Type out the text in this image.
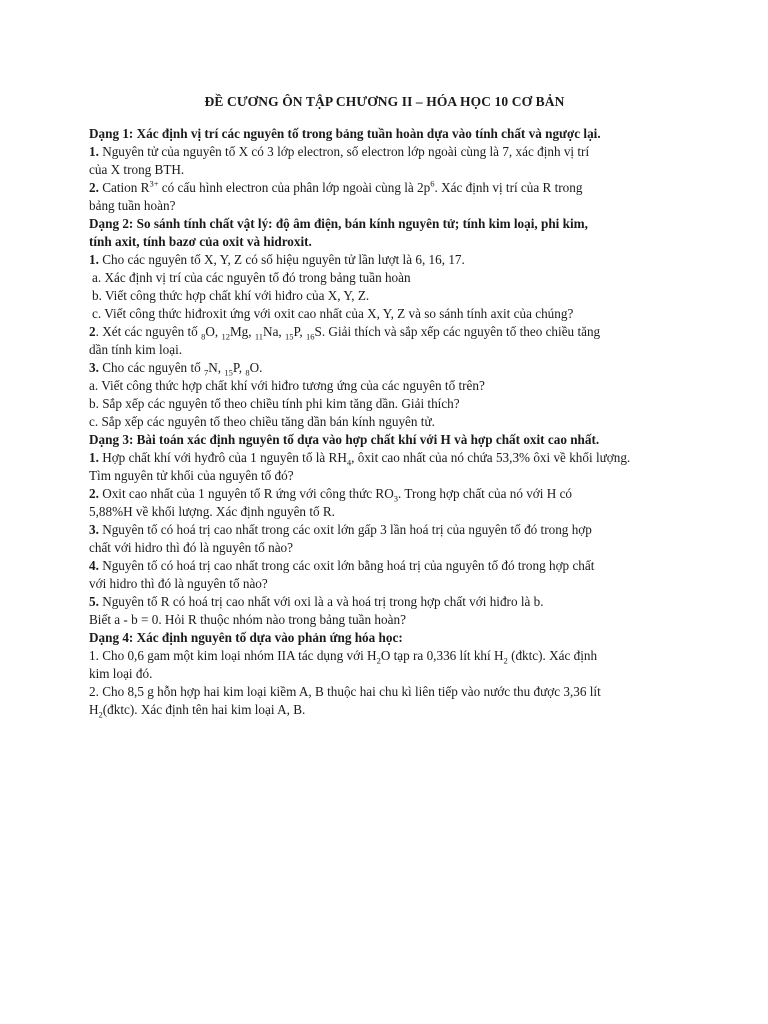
ĐỀ CƯƠNG ÔN TẬP CHƯƠNG II – HÓA HỌC 10 CƠ BẢN
Dạng 1: Xác định vị trí các nguyên tố trong bảng tuần hoàn dựa vào tính chất và ngược lại.
1. Nguyên tử của nguyên tố X có 3 lớp electron, số electron lớp ngoài cùng là 7, xác định vị trí
của X trong BTH.
2. Cation $R^{3+}$ có cấu hình electron của phân lớp ngoài cùng là $2p^6$. Xác định vị trí của R trong
bảng tuần hoàn?
Dạng 2: So sánh tính chất vật lý: độ âm điện, bán kính nguyên tử; tính kim loại, phi kim,
tính axit, tính bazơ của oxit và hidroxit.
1. Cho các nguyên tố X, Y, Z có số hiệu nguyên tử lần lượt là 6, 16, 17.
a. Xác định vị trí của các nguyên tố đó trong bảng tuần hoàn
b. Viết công thức hợp chất khí với hiđro của X, Y, Z.
c. Viết công thức hiđroxit ứng với oxit cao nhất của X, Y, Z và so sánh tính axit của chúng?
2. Xét các nguyên tố $_8$O, $_{12}$Mg, $_{11}$Na, $_{15}$P, $_{16}$S. Giải thích và sắp xếp các nguyên tố theo chiều tăng
dần tính kim loại.
3. Cho các nguyên tố $_7$N, $_{15}$P, $_8$O.
a. Viết công thức hợp chất khí với hiđro tương ứng của các nguyên tố trên?
b. Sắp xếp các nguyên tố theo chiều tính phi kim tăng dần. Giải thích?
c. Sắp xếp các nguyên tố theo chiều tăng dần bán kính nguyên tử.
Dạng 3: Bài toán xác định nguyên tố dựa vào hợp chất khí với H và hợp chất oxit cao nhất.
1. Hợp chất khí với hyđrô của 1 nguyên tố là $RH_4$, ôxit cao nhất của nó chứa 53,3% ôxi về khối lượng.
Tìm nguyên tử khối của nguyên tố đó?
2. Oxit cao nhất của 1 nguyên tố R ứng với công thức $RO_3$. Trong hợp chất của nó với H có
5,88%H về khối lượng. Xác định nguyên tố R.
3. Nguyên tố có hoá trị cao nhất trong các oxit lớn gấp 3 lần hoá trị của nguyên tố đó trong hợp
chất với hidro thì đó là nguyên tố nào?
4. Nguyên tố có hoá trị cao nhất trong các oxit lớn bằng hoá trị của nguyên tố đó trong hợp chất
với hidro thì đó là nguyên tố nào?
5. Nguyên tố R có hoá trị cao nhất với oxi là a và hoá trị trong hợp chất với hiđro là b.
Biết a - b = 0. Hỏi R thuộc nhóm nào trong bảng tuần hoàn?
Dạng 4: Xác định nguyên tố dựa vào phản ứng hóa học:
1. Cho 0,6 gam một kim loại nhóm IIA tác dụng với $H_2O$ tạp ra 0,336 lít khí $H_2$ (đktc). Xác định
kim loại đó.
2. Cho 8,5 g hỗn hợp hai kim loại kiềm A, B thuộc hai chu kì liên tiếp vào nước thu được 3,36 lít
$H_2(đktc)$. Xác định tên hai kim loại A, B.
